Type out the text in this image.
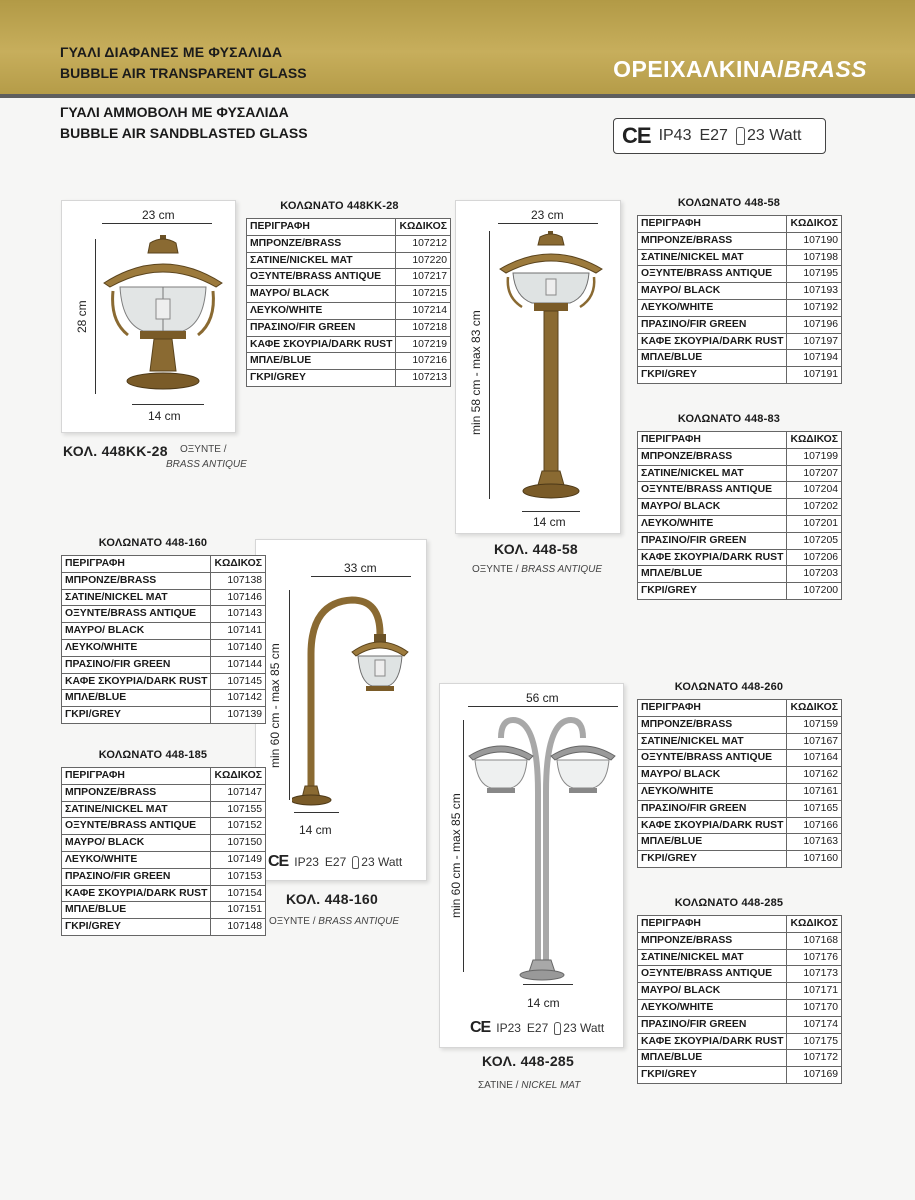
ΓΥΑΛΙ ΔΙΑΦΑΝΕΣ ΜΕ ΦΥΣΑΛΙΔΑ
BUBBLE AIR TRANSPARENT GLASS	ΟΡΕΙΧΑΛΚΙΝΑ/BRASS
ΓΥΑΛΙ ΑΜΜΟΒΟΛΗ ΜΕ ΦΥΣΑΛΙΔΑ
BUBBLE AIR SANDBLASTED GLASS	CE IP43 E27	23 Watt
23 cm
28 cm
14 cm
ΚΟΛ. 448ΚΚ-28 ΟΞΥΝΤΕ /
BRASS ANTIQUE
23 cm
min 58 cm - max 83 cm
14 cm
ΚΟΛ. 448-58
ΟΞΥΝΤΕ / BRASS ANTIQUE
33 cm
min 60 cm - max 85 cm
14 cm
CE IP23 E27	23 Watt
ΚΟΛ. 448-160
ΟΞΥΝΤΕ / BRASS ANTIQUE
56 cm
min 60 cm - max 85 cm
14 cm
CE IP23 E27	23 Watt
ΚΟΛ. 448-285
ΣΑΤΙΝΕ / NICKEL MAT
ΚΟΛΩΝΑΤΟ 448ΚΚ-28
ΠΕΡΙΓΡΑΦΗ	ΚΩΔΙΚΟΣ
ΜΠΡΟΝΖΕ/BRASS	107212
ΣΑΤΙΝΕ/NICKEL MAT	107220
ΟΞΥΝΤΕ/BRASS ANTIQUE	107217
ΜΑΥΡΟ/ BLACK	107215
ΛΕΥΚΟ/WHITE	107214
ΠΡΑΣΙΝΟ/FIR GREEN	107218
ΚΑΦΕ ΣΚΟΥΡΙΑ/DARK RUST	107219
ΜΠΛΕ/BLUE	107216
ΓΚΡΙ/GREY	107213
ΚΟΛΩΝΑΤΟ 448-58
ΠΕΡΙΓΡΑΦΗ	ΚΩΔΙΚΟΣ
ΜΠΡΟΝΖΕ/BRASS	107190
ΣΑΤΙΝΕ/NICKEL MAT	107198
ΟΞΥΝΤΕ/BRASS ANTIQUE	107195
ΜΑΥΡΟ/ BLACK	107193
ΛΕΥΚΟ/WHITE	107192
ΠΡΑΣΙΝΟ/FIR GREEN	107196
ΚΑΦΕ ΣΚΟΥΡΙΑ/DARK RUST	107197
ΜΠΛΕ/BLUE	107194
ΓΚΡΙ/GREY	107191
ΚΟΛΩΝΑΤΟ 448-83
ΠΕΡΙΓΡΑΦΗ	ΚΩΔΙΚΟΣ
ΜΠΡΟΝΖΕ/BRASS	107199
ΣΑΤΙΝΕ/NICKEL MAT	107207
ΟΞΥΝΤΕ/BRASS ANTIQUE	107204
ΜΑΥΡΟ/ BLACK	107202
ΛΕΥΚΟ/WHITE	107201
ΠΡΑΣΙΝΟ/FIR GREEN	107205
ΚΑΦΕ ΣΚΟΥΡΙΑ/DARK RUST	107206
ΜΠΛΕ/BLUE	107203
ΓΚΡΙ/GREY	107200
ΚΟΛΩΝΑΤΟ 448-160
ΠΕΡΙΓΡΑΦΗ	ΚΩΔΙΚΟΣ
ΜΠΡΟΝΖΕ/BRASS	107138
ΣΑΤΙΝΕ/NICKEL MAT	107146
ΟΞΥΝΤΕ/BRASS ANTIQUE	107143
ΜΑΥΡΟ/ BLACK	107141
ΛΕΥΚΟ/WHITE	107140
ΠΡΑΣΙΝΟ/FIR GREEN	107144
ΚΑΦΕ ΣΚΟΥΡΙΑ/DARK RUST	107145
ΜΠΛΕ/BLUE	107142
ΓΚΡΙ/GREY	107139
ΚΟΛΩΝΑΤΟ 448-185
ΠΕΡΙΓΡΑΦΗ	ΚΩΔΙΚΟΣ
ΜΠΡΟΝΖΕ/BRASS	107147
ΣΑΤΙΝΕ/NICKEL MAT	107155
ΟΞΥΝΤΕ/BRASS ANTIQUE	107152
ΜΑΥΡΟ/ BLACK	107150
ΛΕΥΚΟ/WHITE	107149
ΠΡΑΣΙΝΟ/FIR GREEN	107153
ΚΑΦΕ ΣΚΟΥΡΙΑ/DARK RUST	107154
ΜΠΛΕ/BLUE	107151
ΓΚΡΙ/GREY	107148
ΚΟΛΩΝΑΤΟ 448-260
ΠΕΡΙΓΡΑΦΗ	ΚΩΔΙΚΟΣ
ΜΠΡΟΝΖΕ/BRASS	107159
ΣΑΤΙΝΕ/NICKEL MAT	107167
ΟΞΥΝΤΕ/BRASS ANTIQUE	107164
ΜΑΥΡΟ/ BLACK	107162
ΛΕΥΚΟ/WHITE	107161
ΠΡΑΣΙΝΟ/FIR GREEN	107165
ΚΑΦΕ ΣΚΟΥΡΙΑ/DARK RUST	107166
ΜΠΛΕ/BLUE	107163
ΓΚΡΙ/GREY	107160
ΚΟΛΩΝΑΤΟ 448-285
ΠΕΡΙΓΡΑΦΗ	ΚΩΔΙΚΟΣ
ΜΠΡΟΝΖΕ/BRASS	107168
ΣΑΤΙΝΕ/NICKEL MAT	107176
ΟΞΥΝΤΕ/BRASS ANTIQUE	107173
ΜΑΥΡΟ/ BLACK	107171
ΛΕΥΚΟ/WHITE	107170
ΠΡΑΣΙΝΟ/FIR GREEN	107174
ΚΑΦΕ ΣΚΟΥΡΙΑ/DARK RUST	107175
ΜΠΛΕ/BLUE	107172
ΓΚΡΙ/GREY	107169
